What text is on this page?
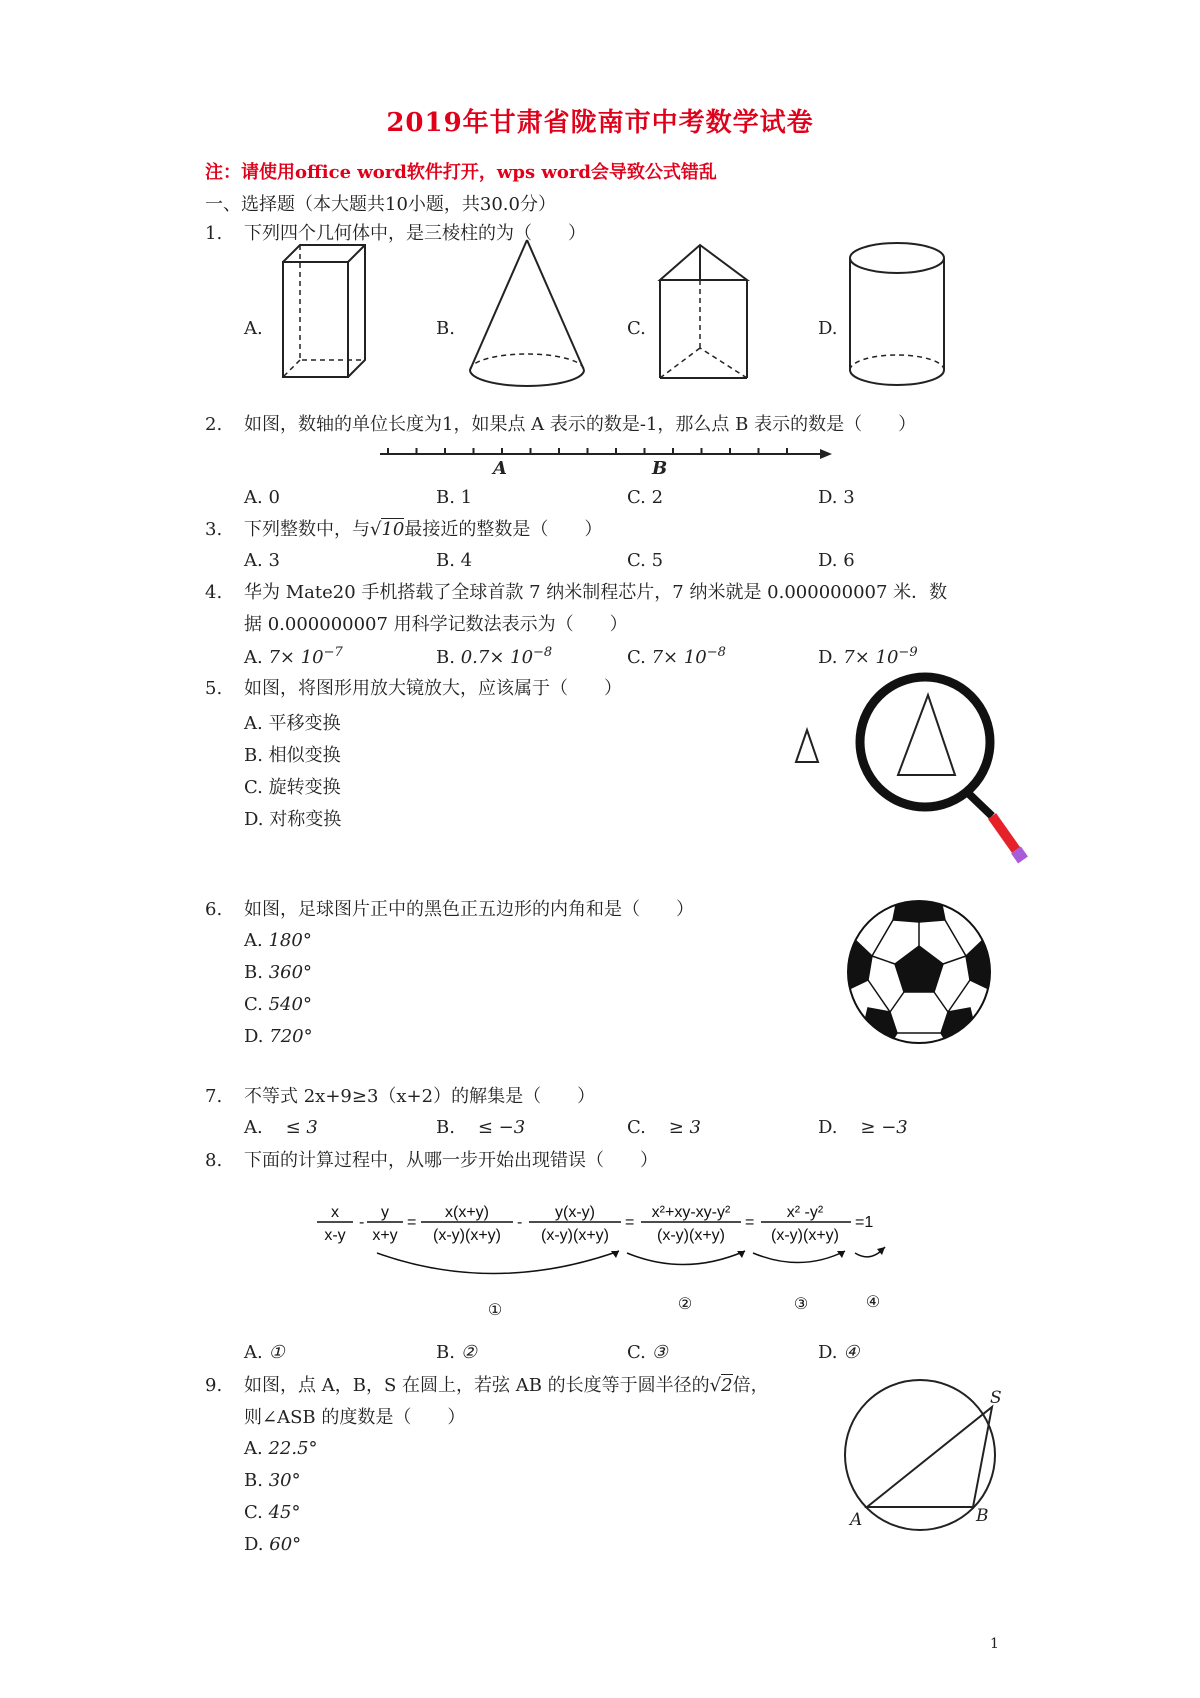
2019年甘肃省陇南市中考数学试卷
注：请使用office word软件打开，wps word会导致公式错乱
一、选择题（本大题共10小题，共30.0分）
1. 下列四个几何体中，是三棱柱的为（　　）
A.	B.	C.	D.
2. 如图，数轴的单位长度为1，如果点 A 表示的数是-1，那么点 B 表示的数是（　　）
A	B
A. 0	B. 1	C. 2	D. 3
3. 下列整数中，与√10最接近的整数是（　　）
A. 3	B. 4	C. 5	D. 6
4. 华为 Mate20 手机搭载了全球首款 7 纳米制程芯片，7 纳米就是 0.000000007 米．数
据 0.000000007 用科学记数法表示为（　　）
A. $7\times 10^{-7}$	B. $0.7\times 10^{-8}$	C. $7\times 10^{-8}$	D. $7\times 10^{-9}$
5. 如图，将图形用放大镜放大，应该属于（　　）
A. 平移变换
B. 相似变换
C. 旋转变换
D. 对称变换
6. 如图，足球图片正中的黑色正五边形的内角和是（　　）
A. 180°
B. 360°
C. 540°
D. 720°
7. 不等式 2x+9≥3（x+2）的解集是（　　）
A. ≤ 3	B. ≤ −3	C. ≥ 3	D. ≥ −3
8. 下面的计算过程中，从哪一步开始出现错误（　　）
x
x-y
-
y
x+y
=
x(x+y)
(x-y)(x+y)
-
y(x-y)
(x-y)(x+y)
=
x²+xy-xy-y²
(x-y)(x+y)
=
x² -y²
(x-y)(x+y)
=1
①	②	③	④
A. ①	B. ②	C. ③	D. ④
9. 如图，点 A，B，S 在圆上，若弦 AB 的长度等于圆半径的√2倍，
则∠ASB 的度数是（　　）
A. 22.5°
B. 30°
C. 45°
D. 60°
S
A	B
1
